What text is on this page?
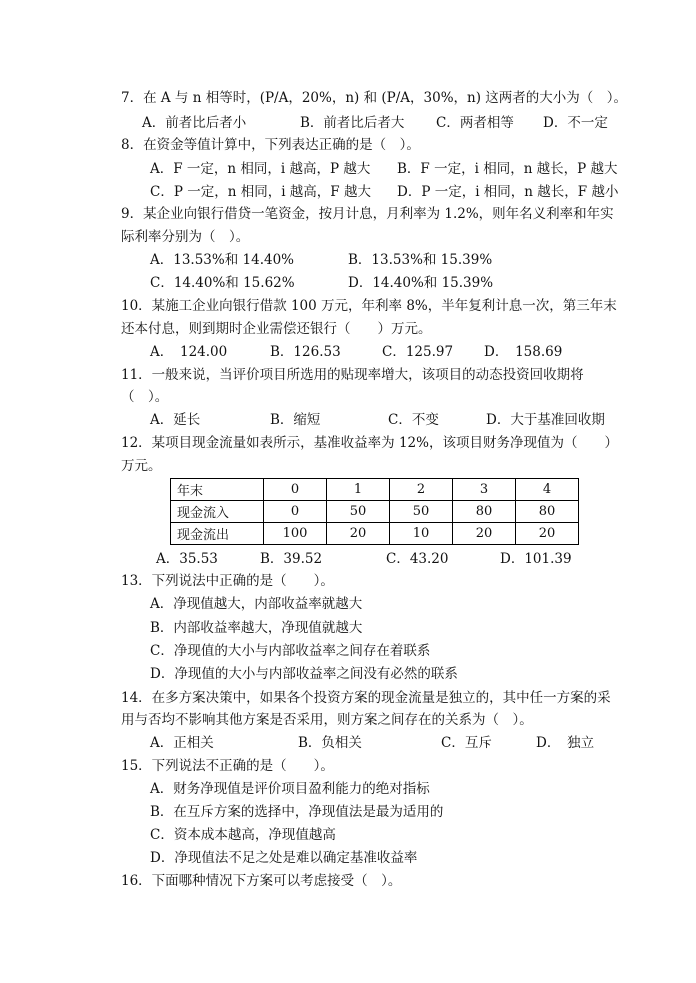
7．在 A 与 n 相等时，(P/A，20%，n) 和 (P/A，30%，n) 这两者的大小为（　）。
A．前者比后者小	B．前者比后者大 C．两者相等 D．不一定
8．在资金等值计算中，下列表达正确的是（　）。
A．F 一定，n 相同，i 越高，P 越大 B．F 一定，i 相同，n 越长，P 越大
C．P 一定，n 相同，i 越高，F 越大 D．P 一定，i 相同，n 越长，F 越小
9．某企业向银行借贷一笔资金，按月计息，月利率为 1.2%，则年名义利率和年实
际利率分别为（　）。
A．13.53%和 14.40%	B．13.53%和 15.39%
C．14.40%和 15.62%	D．14.40%和 15.39%
10．某施工企业向银行借款 100 万元，年利率 8%，半年复利计息一次，第三年末
还本付息，则到期时企业需偿还银行（　　）万元。
A．　124.00	B．126.53	C．125.97 D．　158.69
11．一般来说，当评价项目所选用的贴现率增大，该项目的动态投资回收期将
（　）。
A．延长	B．缩短	C．不变	D．大于基准回收期
12．某项目现金流量如表所示，基准收益率为 12%，该项目财务净现值为（　　）
万元。
年末	0	1	2	3	4
现金流入	0	50	50	80	80
现金流出	100	20	10	20	20
A．35.53	B．39.52	C．43.20	D．101.39
13．下列说法中正确的是（　　）。
A．净现值越大，内部收益率就越大
B．内部收益率越大，净现值就越大
C．净现值的大小与内部收益率之间存在着联系
D．净现值的大小与内部收益率之间没有必然的联系
14．在多方案决策中，如果各个投资方案的现金流量是独立的，其中任一方案的采
用与否均不影响其他方案是否采用，则方案之间存在的关系为（　）。
A．正相关	B．负相关	C．互斥	D．　独立
15．下列说法不正确的是（　　）。
A．财务净现值是评价项目盈利能力的绝对指标
B．在互斥方案的选择中，净现值法是最为适用的
C．资本成本越高，净现值越高
D．净现值法不足之处是难以确定基准收益率
16．下面哪种情况下方案可以考虑接受（　）。
